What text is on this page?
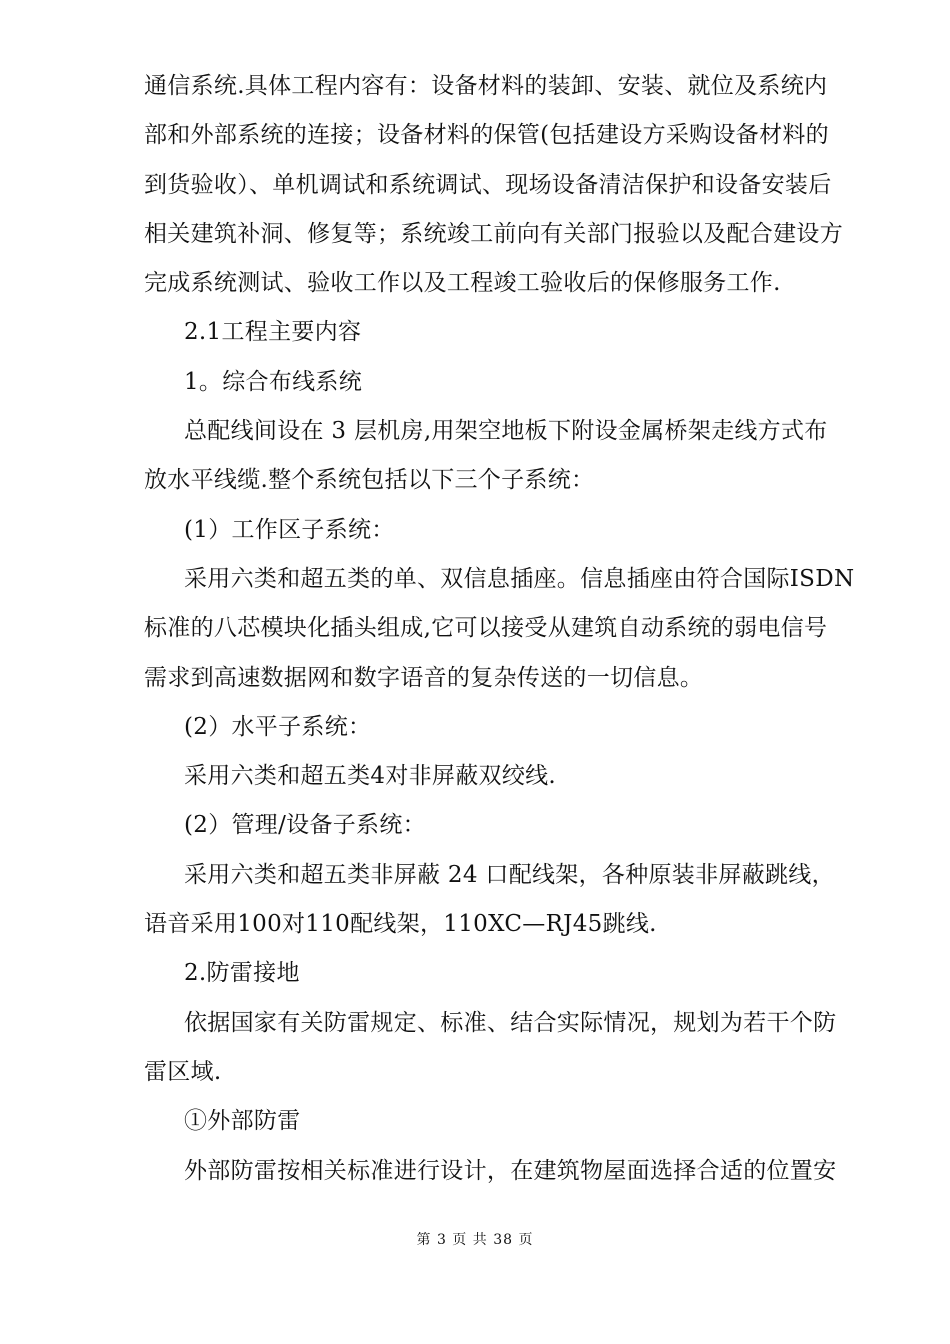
通信系统.具体工程内容有：设备材料的装卸、安装、就位及系统内
部和外部系统的连接；设备材料的保管(包括建设方采购设备材料的
到货验收）、单机调试和系统调试、现场设备清洁保护和设备安装后
相关建筑补洞、修复等；系统竣工前向有关部门报验以及配合建设方
完成系统测试、验收工作以及工程竣工验收后的保修服务工作.
2.1工程主要内容
1。综合布线系统
总配线间设在 3 层机房,用架空地板下附设金属桥架走线方式布
放水平线缆.整个系统包括以下三个子系统：
(1）工作区子系统：
采用六类和超五类的单、双信息插座。信息插座由符合国际ISDN
标准的八芯模块化插头组成,它可以接受从建筑自动系统的弱电信号
需求到高速数据网和数字语音的复杂传送的一切信息。
(2）水平子系统：
采用六类和超五类4对非屏蔽双绞线.
(2）管理/设备子系统：
采用六类和超五类非屏蔽 24 口配线架，各种原装非屏蔽跳线，
语音采用100对110配线架，110XC—RJ45跳线.
2.防雷接地
依据国家有关防雷规定、标准、结合实际情况，规划为若干个防
雷区域.
①外部防雷
外部防雷按相关标准进行设计，在建筑物屋面选择合适的位置安
第 3 页 共 38 页
